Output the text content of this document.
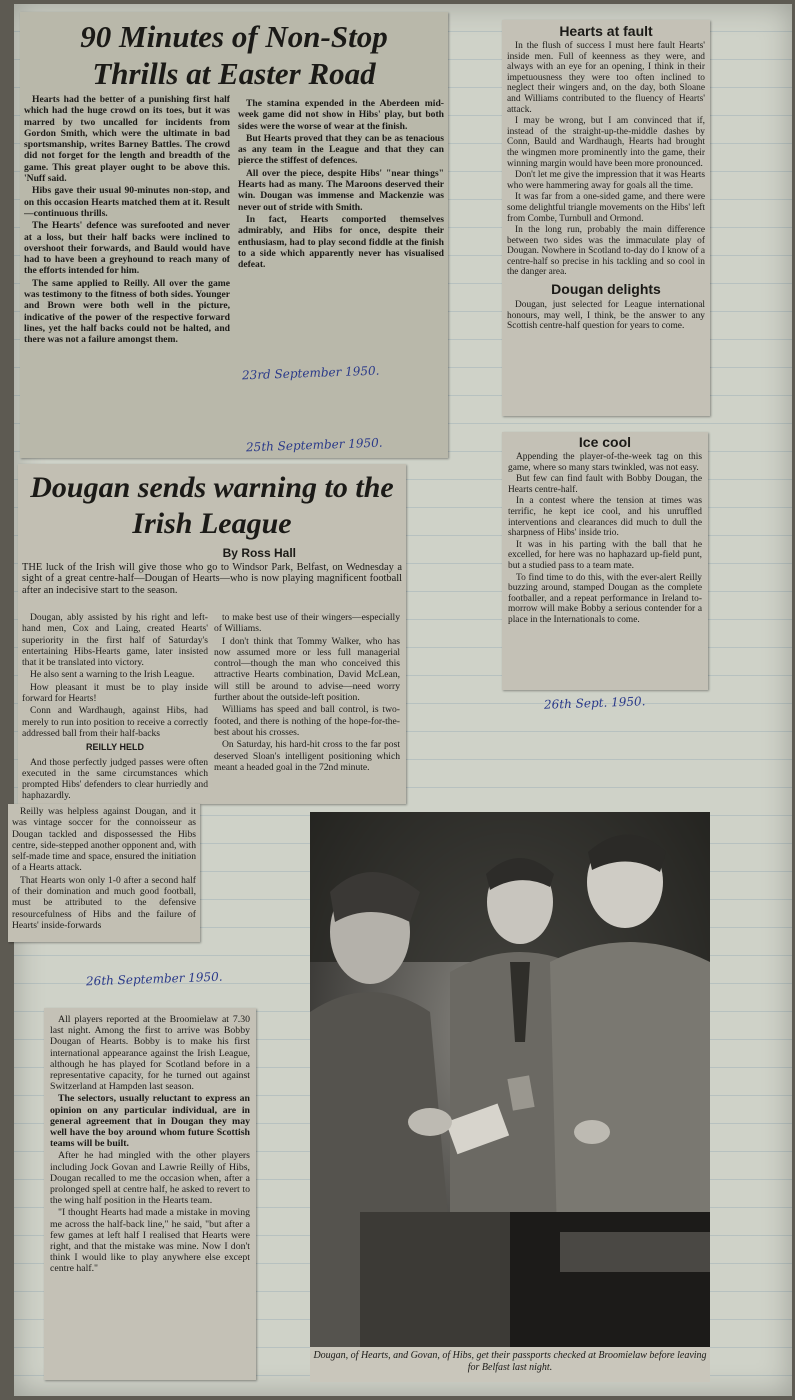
90 Minutes of Non-Stop Thrills at Easter Road

Hearts had the better of a punishing first half which had the huge crowd on its toes, but it was marred by two uncalled for incidents from Gordon Smith, which were the ultimate in bad sportsmanship, writes Barney Battles. The crowd did not forget for the length and breadth of the game. This great player ought to be above this. 'Nuff said.

Hibs gave their usual 90-minutes non-stop, and on this occasion Hearts matched them at it. Result—continuous thrills.

The Hearts' defence was surefooted and never at a loss, but their half backs were inclined to overshoot their forwards, and Bauld would have had to have been a greyhound to reach many of the efforts intended for him.

The same applied to Reilly. All over the game was testimony to the fitness of both sides. Younger and Brown were both well in the picture, indicative of the power of the respective forward lines, yet the half backs could not be halted, and there was not a failure amongst them.

The stamina expended in the Aberdeen mid-week game did not show in Hibs' play, but both sides were the worse of wear at the finish.

But Hearts proved that they can be as tenacious as any team in the League and that they can pierce the stiffest of defences.

All over the piece, despite Hibs' "near things" Hearts had as many. The Maroons deserved their win. Dougan was immense and Mackenzie was never out of stride with Smith.

In fact, Hearts comported themselves admirably, and Hibs for once, despite their enthusiasm, had to play second fiddle at the finish to a side which apparently never has visualised defeat.

23rd September 1950.
25th September 1950.
Hearts at fault

In the flush of success I must here fault Hearts' inside men. Full of keenness as they were, and always with an eye for an opening, I think in their impetuousness they were too often inclined to neglect their wingers and, on the day, both Sloane and Williams contributed to the fluency of Hearts' attack.

I may be wrong, but I am convinced that if, instead of the straight-up-the-middle dashes by Conn, Bauld and Wardhaugh, Hearts had brought the wingmen more prominently into the game, their winning margin would have been more pronounced.

Don't let me give the impression that it was Hearts who were hammering away for goals all the time.

It was far from a one-sided game, and there were some delightful triangle movements on the Hibs' left from Combe, Turnbull and Ormond.

In the long run, probably the main difference between two sides was the immaculate play of Dougan. Nowhere in Scotland to-day do I know of a centre-half so precise in his tackling and so cool in the danger area.

Dougan delights

Dougan, just selected for League international honours, may well, I think, be the answer to any Scottish centre-half question for years to come.

Ice cool

Appending the player-of-the-week tag on this game, where so many stars twinkled, was not easy.

But few can find fault with Bobby Dougan, the Hearts centre-half.

In a contest where the tension at times was terrific, he kept ice cool, and his unruffled interventions and clearances did much to dull the sharpness of Hibs' inside trio.

It was in his parting with the ball that he excelled, for here was no haphazard up-field punt, but a studied pass to a team mate.

To find time to do this, with the ever-alert Reilly buzzing around, stamped Dougan as the complete footballer, and a repeat performance in Ireland to-morrow will make Bobby a serious contender for a place in the Internationals to come.

26th Sept. 1950.
Dougan sends warning to the Irish League
By Ross Hall
THE luck of the Irish will give those who go to Windsor Park, Belfast, on Wednesday a sight of a great centre-half—Dougan of Hearts—who is now playing magnificent football after an indecisive start to the season.

Dougan, ably assisted by his right and left-hand men, Cox and Laing, created Hearts' superiority in the first half of Saturday's entertaining Hibs-Hearts game, later insisted that it be translated into victory.

He also sent a warning to the Irish League.

How pleasant it must be to play inside forward for Hearts!

Conn and Wardhaugh, against Hibs, had merely to run into position to receive a correctly addressed ball from their half-backs

REILLY HELD

And those perfectly judged passes were often executed in the same circumstances which prompted Hibs' defenders to clear hurriedly and haphazardly.

to make best use of their wingers—especially of Williams.

I don't think that Tommy Walker, who has now assumed more or less full managerial control—though the man who conceived this attractive Hearts combination, David McLean, will still be around to advise—need worry further about the outside-left position.

Williams has speed and ball control, is two-footed, and there is nothing of the hope-for-the-best about his crosses.

On Saturday, his hard-hit cross to the far post deserved Sloan's intelligent positioning which meant a headed goal in the 72nd minute.

Reilly was helpless against Dougan, and it was vintage soccer for the connoisseur as Dougan tackled and dispossessed the Hibs centre, side-stepped another opponent and, with self-made time and space, ensured the initiation of a Hearts attack.

That Hearts won only 1-0 after a second half of their domination and much good football, must be attributed to the defensive resourcefulness of Hibs and the failure of Hearts' inside-forwards

26th September 1950.

All players reported at the Broomielaw at 7.30 last night. Among the first to arrive was Bobby Dougan of Hearts. Bobby is to make his first international appearance against the Irish League, although he has played for Scotland before in a representative capacity, for he turned out against Switzerland at Hampden last season.

The selectors, usually reluctant to express an opinion on any particular individual, are in general agreement that in Dougan they may well have the boy around whom future Scottish teams will be built.

After he had mingled with the other players including Jock Govan and Lawrie Reilly of Hibs, Dougan recalled to me the occasion when, after a prolonged spell at centre half, he asked to revert to the wing half position in the Hearts team.

"I thought Hearts had made a mistake in moving me across the half-back line," he said, "but after a few games at left half I realised that Hearts were right, and that the mistake was mine. Now I don't think I would like to play anywhere else except centre half."

Dougan, of Hearts, and Govan, of Hibs, get their passports checked at Broomielaw before leaving for Belfast last night.
